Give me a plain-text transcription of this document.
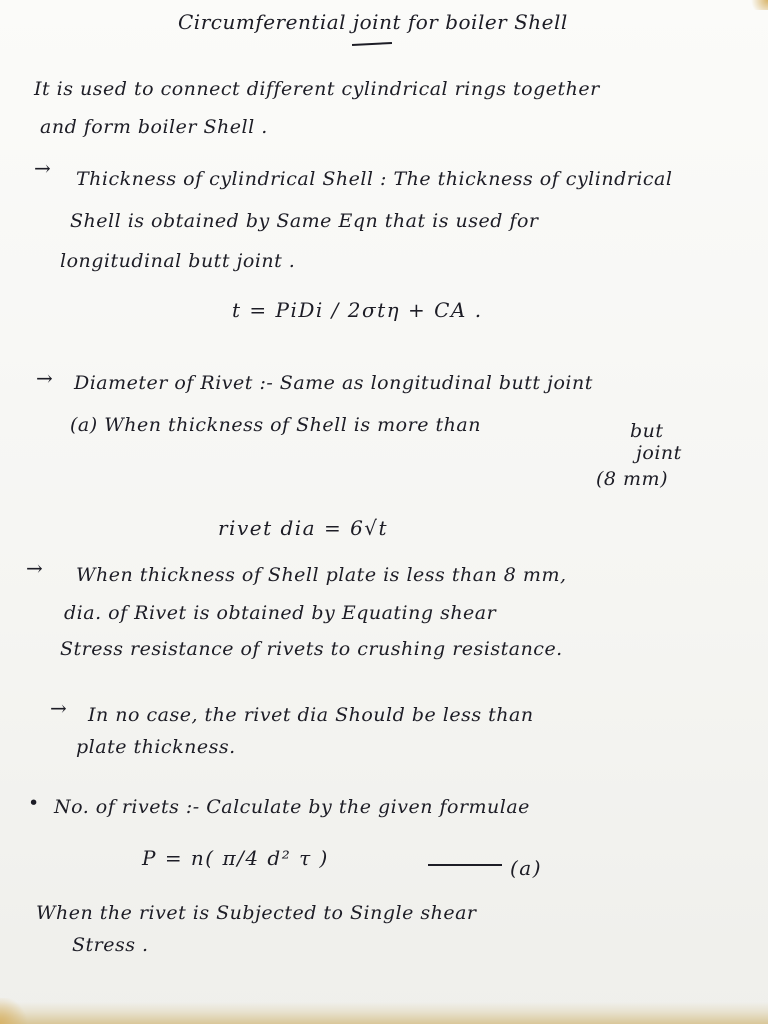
Circumferential joint for boiler Shell
It is used to connect different cylindrical rings together
and form boiler Shell .
→ Thickness of cylindrical Shell : The thickness of cylindrical
Shell is obtained by Same Eqn that is used for
longitudinal butt joint .
t = PiDi / 2σtη + CA .
→ Diameter of Rivet :- Same as longitudinal butt joint
(a) When thickness of Shell is more than	but
joint
(8 mm)
rivet dia = 6√t
→ When thickness of Shell plate is less than 8 mm,
dia. of Rivet is obtained by Equating shear
Stress resistance of rivets to crushing resistance.
→ In no case, the rivet dia Should be less than
plate thickness.
• No. of rivets :- Calculate by the given formulae
P = n( π/4 d² τ )	(a)
When the rivet is Subjected to Single shear
Stress .
